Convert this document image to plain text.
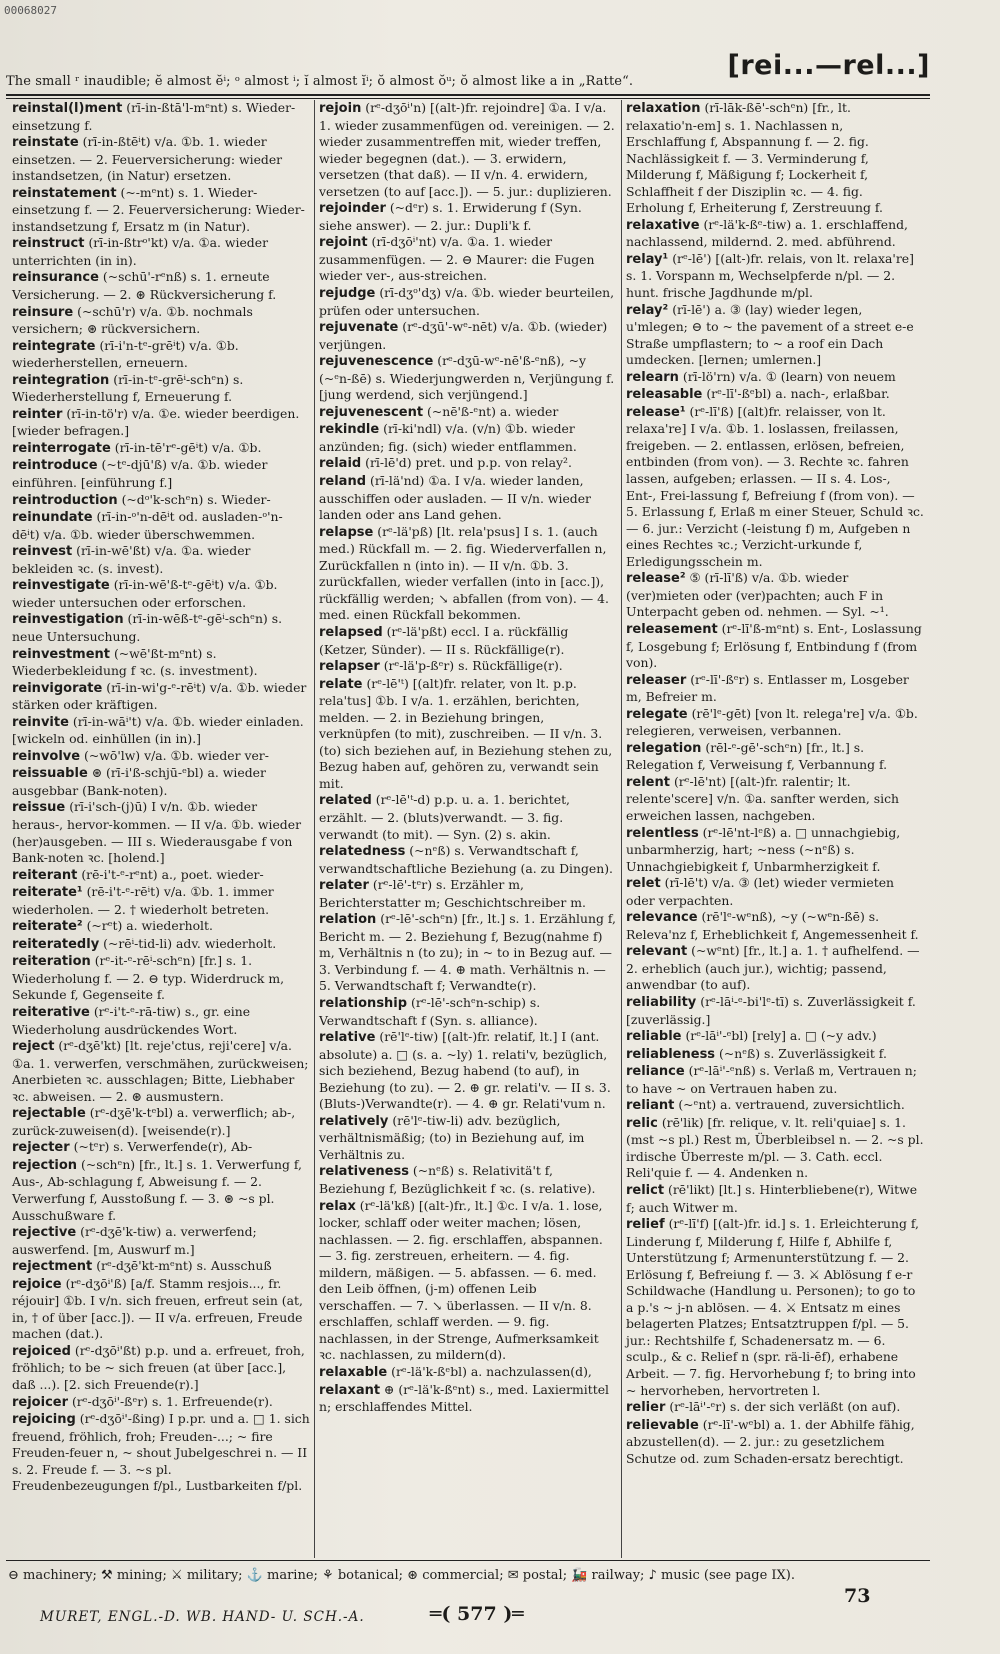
00068027
The small ʳ inaudible; ĕ almost ĕⁱ; ᵒ almost ⁱ; ĭ almost ĭⁱ; ŏ almost ŏᵘ; ŏ almost like a in „Ratte“.
[rei...—rel...]

reinstal(l)ment (rī-in-ßtā'l-mᵉnt) s. Wieder-einsetzung f.

reinstate (rī-in-ßtēⁱt) v/a. ①b. 1. wieder einsetzen. — 2. Feuerversicherung: wieder instandsetzen, (in Natur) ersetzen.

reinstatement (~-mᵉnt) s. 1. Wieder-einsetzung f. — 2. Feuerversicherung: Wieder-instandsetzung f, Ersatz m (in Natur).

reinstruct (rī-in-ßtrᵒ'kt) v/a. ①a. wieder unterrichten (in in).

reinsurance (~schū'-rᵉnß) s. 1. erneute Versicherung. — 2. ⊛ Rückversicherung f.

reinsure (~schū'r) v/a. ①b. nochmals versichern; ⊛ rückversichern.

reintegrate (rī-i'n-tᵉ-grēⁱt) v/a. ①b. wiederherstellen, erneuern.

reintegration (rī-in-tᵉ-grēⁱ-schᵉn) s. Wiederherstellung f, Erneuerung f.

reinter (rī-in-tö'r) v/a. ①e. wieder beerdigen. [wieder befragen.]

reinterrogate (rī-in-tē'rᵉ-gēⁱt) v/a. ①b.

reintroduce (~tᵉ-djū'ß) v/a. ①b. wieder einführen. [einführung f.]

reintroduction (~dᵒ'k-schᵉn) s. Wieder-

reinundate (rī-in-ᵒ'n-dēⁱt od. ausladen-ᵒ'n-dēⁱt) v/a. ①b. wieder überschwemmen.

reinvest (rī-in-wē'ßt) v/a. ①a. wieder bekleiden ꝛc. (s. invest).

reinvestigate (rī-in-wē'ß-tᵉ-gēⁱt) v/a. ①b. wieder untersuchen oder erforschen.

reinvestigation (rī-in-wēß-tᵉ-gēⁱ-schᵉn) s. neue Untersuchung.

reinvestment (~wē'ßt-mᵉnt) s. Wiederbekleidung f ꝛc. (s. investment).

reinvigorate (rī-in-wi'g-ᵉ-rēⁱt) v/a. ①b. wieder stärken oder kräftigen.

reinvite (rī-in-wāⁱ't) v/a. ①b. wieder einladen. [wickeln od. einhüllen (in in).]

reinvolve (~wō'lw) v/a. ①b. wieder ver-

reissuable ⊛ (rī-i'ß-schjū-ᵉbl) a. wieder ausgebbar (Bank-noten).

reissue (rī-i'sch-(j)ū) I v/n. ①b. wieder heraus-, hervor-kommen. — II v/a. ①b. wieder (her)ausgeben. — III s. Wiederausgabe f von Bank-noten ꝛc. [holend.]

reiterant (rē-i't-ᵉ-rᵉnt) a., poet. wieder-

reiterate¹ (rē-i't-ᵉ-rēⁱt) v/a. ①b. 1. immer wiederholen. — 2. † wiederholt betreten.

reiterate² (~rᵉt) a. wiederholt.

reiteratedly (~rēⁱ-tid-li) adv. wiederholt.

reiteration (rᵉ-it-ᵉ-rēⁱ-schᵉn) [fr.] s. 1. Wiederholung f. — 2. ⊖ typ. Widerdruck m, Sekunde f, Gegenseite f.

reiterative (rᵉ-i't-ᵉ-rā-tiw) s., gr. eine Wiederholung ausdrückendes Wort.

reject (rᵉ-dʒē'kt) [lt. reje'ctus, reji'cere] v/a. ①a. 1. verwerfen, verschmähen, zurückweisen; Anerbieten ꝛc. ausschlagen; Bitte, Liebhaber ꝛc. abweisen. — 2. ⊛ ausmustern.

rejectable (rᵉ-dʒē'k-tᵉbl) a. verwerflich; ab-, zurück-zuweisen(d). [weisende(r).]

rejecter (~tᵉr) s. Verwerfende(r), Ab-

rejection (~schᵉn) [fr., lt.] s. 1. Verwerfung f, Aus-, Ab-schlagung f, Abweisung f. — 2. Verwerfung f, Ausstoßung f. — 3. ⊛ ~s pl. Ausschußware f.

rejective (rᵉ-dʒē'k-tiw) a. verwerfend; auswerfend. [m, Auswurf m.]

rejectment (rᵉ-dʒē'kt-mᵉnt) s. Ausschuß

rejoice (rᵉ-dʒōⁱ'ß) [a/f. Stamm resjois..., fr. réjouir] ①b. I v/n. sich freuen, erfreut sein (at, in, † of über [acc.]). — II v/a. erfreuen, Freude machen (dat.).

rejoiced (rᵉ-dʒōⁱ'ßt) p.p. und a. erfreuet, froh, fröhlich; to be ~ sich freuen (at über [acc.], daß ...). [2. sich Freuende(r).]

rejoicer (rᵉ-dʒōⁱ'-ßᵉr) s. 1. Erfreuende(r).

rejoicing (rᵉ-dʒōⁱ'-ßing) I p.pr. und a. □ 1. sich freuend, fröhlich, froh; Freuden-...; ~ fire Freuden-feuer n, ~ shout Jubelgeschrei n. — II s. 2. Freude f. — 3. ~s pl. Freudenbezeugungen f/pl., Lustbarkeiten f/pl.

rejoin (rᵉ-dʒōⁱ'n) [(alt-)fr. rejoindre] ①a. I v/a. 1. wieder zusammenfügen od. vereinigen. — 2. wieder zusammentreffen mit, wieder treffen, wieder begegnen (dat.). — 3. erwidern, versetzen (that daß). — II v/n. 4. erwidern, versetzen (to auf [acc.]). — 5. jur.: duplizieren.

rejoinder (~dᵉr) s. 1. Erwiderung f (Syn. siehe answer). — 2. jur.: Dupli'k f.

rejoint (rī-dʒōⁱ'nt) v/a. ①a. 1. wieder zusammenfügen. — 2. ⊖ Maurer: die Fugen wieder ver-, aus-streichen.

rejudge (rī-dʒᵒ'dʒ) v/a. ①b. wieder beurteilen, prüfen oder untersuchen.

rejuvenate (rᵉ-dʒū'-wᵉ-nēt) v/a. ①b. (wieder) verjüngen.

rejuvenescence (rᵉ-dʒū-wᵉ-nē'ß-ᵉnß), ~y (~ᵉn-ßē) s. Wiederjungwerden n, Verjüngung f. [jung werdend, sich verjüngend.]

rejuvenescent (~nē'ß-ᵉnt) a. wieder

rekindle (rī-ki'ndl) v/a. (v/n) ①b. wieder anzünden; fig. (sich) wieder entflammen.

relaid (rī-lē'd) pret. und p.p. von relay².

reland (rī-lä'nd) ①a. I v/a. wieder landen, ausschiffen oder ausladen. — II v/n. wieder landen oder ans Land gehen.

relapse (rᵉ-lä'pß) [lt. rela'psus] I s. 1. (auch med.) Rückfall m. — 2. fig. Wiederverfallen n, Zurückfallen n (into in). — II v/n. ①b. 3. zurückfallen, wieder verfallen (into in [acc.]), rückfällig werden; ↘ abfallen (from von). — 4. med. einen Rückfall bekommen.

relapsed (rᵉ-lä'pßt) eccl. I a. rückfällig (Ketzer, Sünder). — II s. Rückfällige(r).

relapser (rᵉ-lä'p-ßᵉr) s. Rückfällige(r).

relate (rᵉ-lē'ᵗ) [(alt)fr. relater, von lt. p.p. rela'tus] ①b. I v/a. 1. erzählen, berichten, melden. — 2. in Beziehung bringen, verknüpfen (to mit), zuschreiben. — II v/n. 3. (to) sich beziehen auf, in Beziehung stehen zu, Bezug haben auf, gehören zu, verwandt sein mit.

related (rᵉ-lē'ᵗ-d) p.p. u. a. 1. berichtet, erzählt. — 2. (bluts)verwandt. — 3. fig. verwandt (to mit). — Syn. (2) s. akin.

relatedness (~nᵉß) s. Verwandtschaft f, verwandtschaftliche Beziehung (a. zu Dingen).

relater (rᵉ-lē'-tᵉr) s. Erzähler m, Berichterstatter m; Geschichtschreiber m.

relation (rᵉ-lē'-schᵉn) [fr., lt.] s. 1. Erzählung f, Bericht m. — 2. Beziehung f, Bezug(nahme f) m, Verhältnis n (to zu); in ~ to in Bezug auf. — 3. Verbindung f. — 4. ⊕ math. Verhältnis n. — 5. Verwandtschaft f; Verwandte(r).

relationship (rᵉ-lē'-schᵉn-schip) s. Verwandtschaft f (Syn. s. alliance).

relative (rē'lᵉ-tiw) [(alt-)fr. relatif, lt.] I (ant. absolute) a. □ (s. a. ~ly) 1. relati'v, bezüglich, sich beziehend, Bezug habend (to auf), in Beziehung (to zu). — 2. ⊕ gr. relati'v. — II s. 3. (Bluts-)Verwandte(r). — 4. ⊕ gr. Relati'vum n.

relatively (rē'lᵉ-tiw-li) adv. bezüglich, verhältnismäßig; (to) in Beziehung auf, im Verhältnis zu.

relativeness (~nᵉß) s. Relativitä't f, Beziehung f, Bezüglichkeit f ꝛc. (s. relative).

relax (rᵉ-lä'kß) [(alt-)fr., lt.] ①c. I v/a. 1. lose, locker, schlaff oder weiter machen; lösen, nachlassen. — 2. fig. erschlaffen, abspannen. — 3. fig. zerstreuen, erheitern. — 4. fig. mildern, mäßigen. — 5. abfassen. — 6. med. den Leib öffnen, (j-m) offenen Leib verschaffen. — 7. ↘ überlassen. — II v/n. 8. erschlaffen, schlaff werden. — 9. fig. nachlassen, in der Strenge, Aufmerksamkeit ꝛc. nachlassen, zu mildern(d).

relaxable (rᵉ-lä'k-ßᵉbl) a. nachzulassen(d),

relaxant ⊕ (rᵉ-lä'k-ßᵉnt) s., med. Laxiermittel n; erschlaffendes Mittel.

relaxation (rī-lāk-ßē'-schᵉn) [fr., lt. relaxatio'n-em] s. 1. Nachlassen n, Erschlaffung f, Abspannung f. — 2. fig. Nachlässigkeit f. — 3. Verminderung f, Milderung f, Mäßigung f; Lockerheit f, Schlaffheit f der Disziplin ꝛc. — 4. fig. Erholung f, Erheiterung f, Zerstreuung f.

relaxative (rᵉ-lä'k-ßᵉ-tiw) a. 1. erschlaffend, nachlassend, mildernd. 2. med. abführend.

relay¹ (rᵉ-lē') [(alt-)fr. relais, von lt. relaxa're] s. 1. Vorspann m, Wechselpferde n/pl. — 2. hunt. frische Jagdhunde m/pl.

relay² (rī-lē') a. ③ (lay) wieder legen, u'mlegen; ⊖ to ~ the pavement of a street e-e Straße umpflastern; to ~ a roof ein Dach umdecken. [lernen; umlernen.]

relearn (rī-lö'rn) v/a. ① (learn) von neuem

releasable (rᵉ-lī'-ßᵉbl) a. nach-, erlaßbar.

release¹ (rᵉ-lī'ß) [(alt)fr. relaisser, von lt. relaxa're] I v/a. ①b. 1. loslassen, freilassen, freigeben. — 2. entlassen, erlösen, befreien, entbinden (from von). — 3. Rechte ꝛc. fahren lassen, aufgeben; erlassen. — II s. 4. Los-, Ent-, Frei-lassung f, Befreiung f (from von). — 5. Erlassung f, Erlaß m einer Steuer, Schuld ꝛc. — 6. jur.: Verzicht (-leistung f) m, Aufgeben n eines Rechtes ꝛc.; Verzicht-urkunde f, Erledigungsschein m.

release² ⑤ (rī-lī'ß) v/a. ①b. wieder (ver)mieten oder (ver)pachten; auch F in Unterpacht geben od. nehmen. — Syl. ~¹.

releasement (rᵉ-lī'ß-mᵉnt) s. Ent-, Loslassung f, Losgebung f; Erlösung f, Entbindung f (from von).

releaser (rᵉ-lī'-ßᵉr) s. Entlasser m, Losgeber m, Befreier m.

relegate (rē'lᵉ-gēt) [von lt. relega're] v/a. ①b. relegieren, verweisen, verbannen.

relegation (rēl-ᵉ-gē'-schᵉn) [fr., lt.] s. Relegation f, Verweisung f, Verbannung f.

relent (rᵉ-lē'nt) [(alt-)fr. ralentir; lt. relente'scere] v/n. ①a. sanfter werden, sich erweichen lassen, nachgeben.

relentless (rᵉ-lē'nt-lᵉß) a. □ unnachgiebig, unbarmherzig, hart; ~ness (~nᵉß) s. Unnachgiebigkeit f, Unbarmherzigkeit f.

relet (rī-lē't) v/a. ③ (let) wieder vermieten oder verpachten.

relevance (rē'lᵉ-wᵉnß), ~y (~wᵉn-ßē) s. Releva'nz f, Erheblichkeit f, Angemessenheit f.

relevant (~wᵉnt) [fr., lt.] a. 1. † aufhelfend. — 2. erheblich (auch jur.), wichtig; passend, anwendbar (to auf).

reliability (rᵉ-lāⁱ-ᵉ-bi'lᵉ-tī) s. Zuverlässigkeit f. [zuverlässig.]

reliable (rᵉ-lāⁱ'-ᵉbl) [rely] a. □ (~y adv.)

reliableness (~nᵉß) s. Zuverlässigkeit f.

reliance (rᵉ-lāⁱ'-ᵉnß) s. Verlaß m, Vertrauen n; to have ~ on Vertrauen haben zu.

reliant (~ᵉnt) a. vertrauend, zuversichtlich.

relic (rē'lik) [fr. relique, v. lt. reli'quiae] s. 1. (mst ~s pl.) Rest m, Überbleibsel n. — 2. ~s pl. irdische Überreste m/pl. — 3. Cath. eccl. Reli'quie f. — 4. Andenken n.

relict (rē'likt) [lt.] s. Hinterbliebene(r), Witwe f; auch Witwer m.

relief (rᵉ-lī'f) [(alt-)fr. id.] s. 1. Erleichterung f, Linderung f, Milderung f, Hilfe f, Abhilfe f, Unterstützung f; Armenunterstützung f. — 2. Erlösung f, Befreiung f. — 3. ⚔ Ablösung f e-r Schildwache (Handlung u. Personen); to go to a p.'s ~ j-n ablösen. — 4. ⚔ Entsatz m eines belagerten Platzes; Entsatztruppen f/pl. — 5. jur.: Rechtshilfe f, Schadenersatz m. — 6. sculp., & c. Relief n (spr. rä-li-ēf), erhabene Arbeit. — 7. fig. Hervorhebung f; to bring into ~ hervorheben, hervortreten l.

relier (rᵉ-lāⁱ'-ᵉr) s. der sich verläßt (on auf).

relievable (rᵉ-lī'-wᵉbl) a. 1. der Abhilfe fähig, abzustellen(d). — 2. jur.: zu gesetzlichem Schutze od. zum Schaden-ersatz berechtigt.

⊖ machinery; ⚒ mining; ⚔ military; ⚓ marine; ⚘ botanical; ⊛ commercial; ✉ postal; 🚂 railway; ♪ music (see page IX).
MURET, ENGL.-D. WB. HAND- U. SCH.-A.	═( 577 )═
73
